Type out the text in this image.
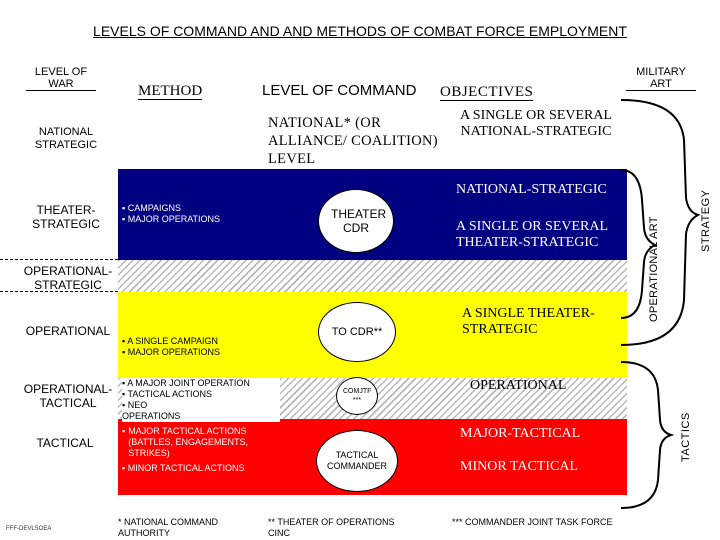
LEVELS OF COMMAND AND AND METHODS OF COMBAT FORCE EMPLOYMENT
LEVEL OF WAR	METHOD	LEVEL OF COMMAND OBJECTIVES
MILITARY ART
NATIONAL STRATEGIC
NATIONAL* (OR ALLIANCE/ COALITION) LEVEL
A SINGLE OR SEVERAL NATIONAL-STRATEGIC
THEATER- STRATEGIC
OPERATIONAL- STRATEGIC
OPERATIONAL
OPERATIONAL- TACTICAL
TACTICAL
▪ CAMPAIGNS
▪ MAJOR OPERATIONS
▪ A SINGLE CAMPAIGN
▪ MAJOR OPERATIONS
▪ A MAJOR JOINT OPERATION
▪ TACTICAL ACTIONS
▪ NEO OPERATIONS
▪ MAJOR TACTICAL ACTIONS (BATTLES, ENGAGEMENTS, STRIKES)
▪ MINOR TACTICAL ACTIONS
THEATER CDR
TO CDR**
COMJTF ***
TACTICAL COMMANDER
NATIONAL-STRATEGIC
A SINGLE OR SEVERAL THEATER-STRATEGIC
A SINGLE THEATER- STRATEGIC
OPERATIONAL
MAJOR-TACTICAL
MINOR TACTICAL
STRATEGY
OPERATIONAL ART
TACTICS
* NATIONAL COMMAND AUTHORITY
** THEATER OF OPERATIONS CINC
*** COMMANDER JOINT TASK FORCE
FFF-DEVLSOEA
